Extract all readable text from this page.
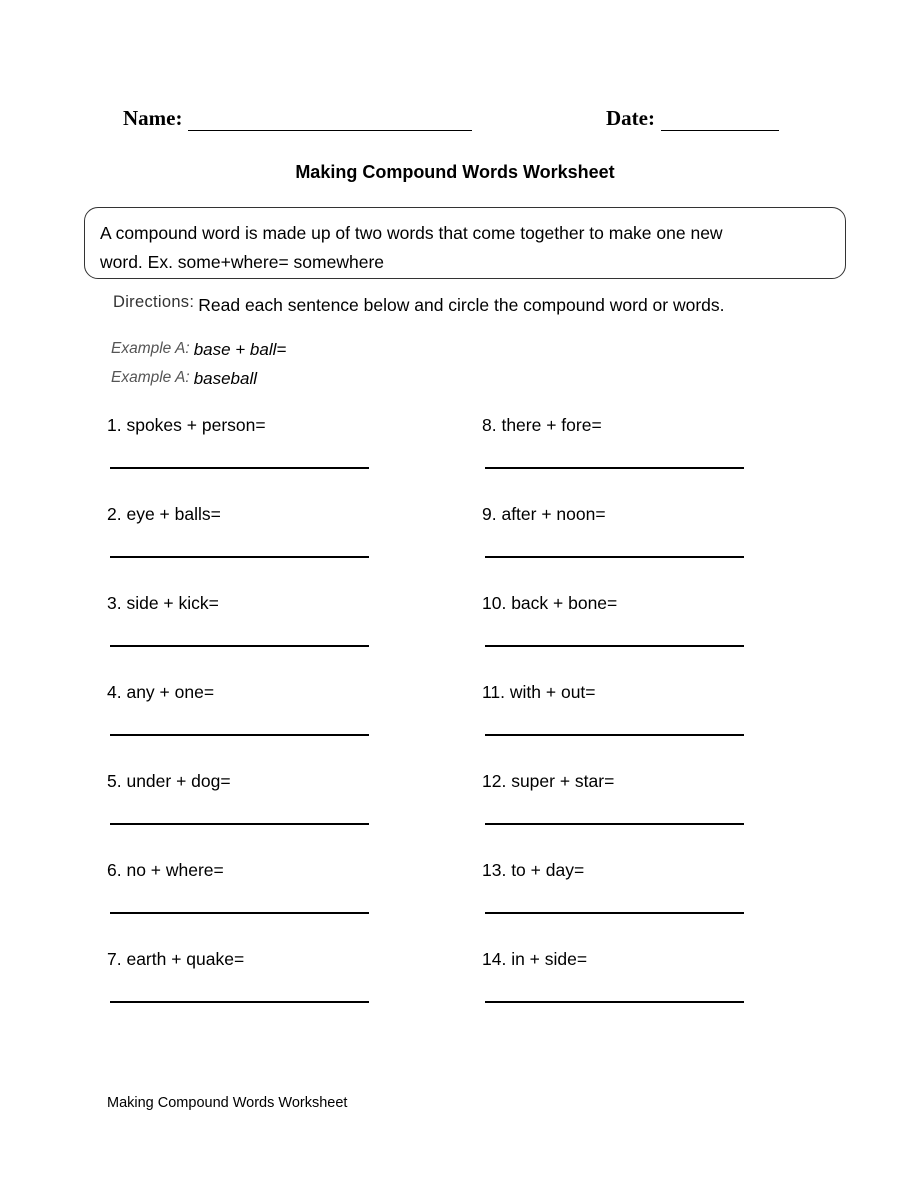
Name:	Date:
Making Compound Words Worksheet
A compound word is made up of two words that come together to make one new
word. Ex. some+where= somewhere
Directions: Read each sentence below and circle the compound word or words.
Example A: base + ball=
Example A: baseball
1. spokes + person=
2. eye + balls=
3. side + kick=
4. any + one=
5. under + dog=
6. no + where=
7. earth + quake=
8. there + fore=
9. after + noon=
10. back + bone=
11. with + out=
12. super + star=
13. to + day=
14. in + side=
Making Compound Words Worksheet
